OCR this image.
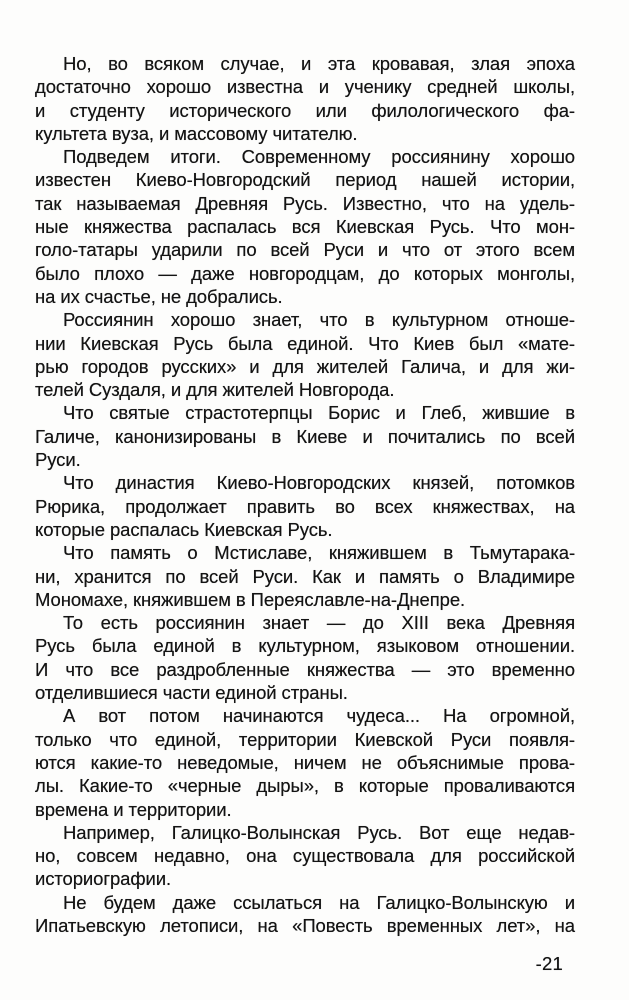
Но, во всяком случае, и эта кровавая, злая эпоха
достаточно хорошо известна и ученику средней школы,
и студенту исторического или филологического фа-
культета вуза, и массовому читателю.
Подведем итоги. Современному россиянину хорошо
известен Киево-Новгородский период нашей истории,
так называемая Древняя Русь. Известно, что на удель-
ные княжества распалась вся Киевская Русь. Что мон-
голо-татары ударили по всей Руси и что от этого всем
было плохо — даже новгородцам, до которых монголы,
на их счастье, не добрались.
Россиянин хорошо знает, что в культурном отноше-
нии Киевская Русь была единой. Что Киев был «мате-
рью городов русских» и для жителей Галича, и для жи-
телей Суздаля, и для жителей Новгорода.
Что святые страстотерпцы Борис и Глеб, жившие в
Галиче, канонизированы в Киеве и почитались по всей
Руси.
Что династия Киево-Новгородских князей, потомков
Рюрика, продолжает править во всех княжествах, на
которые распалась Киевская Русь.
Что память о Мстиславе, княжившем в Тьмутарака-
ни, хранится по всей Руси. Как и память о Владимире
Мономахе, княжившем в Переяславле-на-Днепре.
То есть россиянин знает — до XIII века Древняя
Русь была единой в культурном, языковом отношении.
И что все раздробленные княжества — это временно
отделившиеся части единой страны.
А вот потом начинаются чудеса... На огромной,
только что единой, территории Киевской Руси появля-
ются какие-то неведомые, ничем не объяснимые прова-
лы. Какие-то «черные дыры», в которые проваливаются
времена и территории.
Например, Галицко-Волынская Русь. Вот еще недав-
но, совсем недавно, она существовала для российской
историографии.
Не будем даже ссылаться на Галицко-Волынскую и
Ипатьевскую летописи, на «Повесть временных лет», на
-21
